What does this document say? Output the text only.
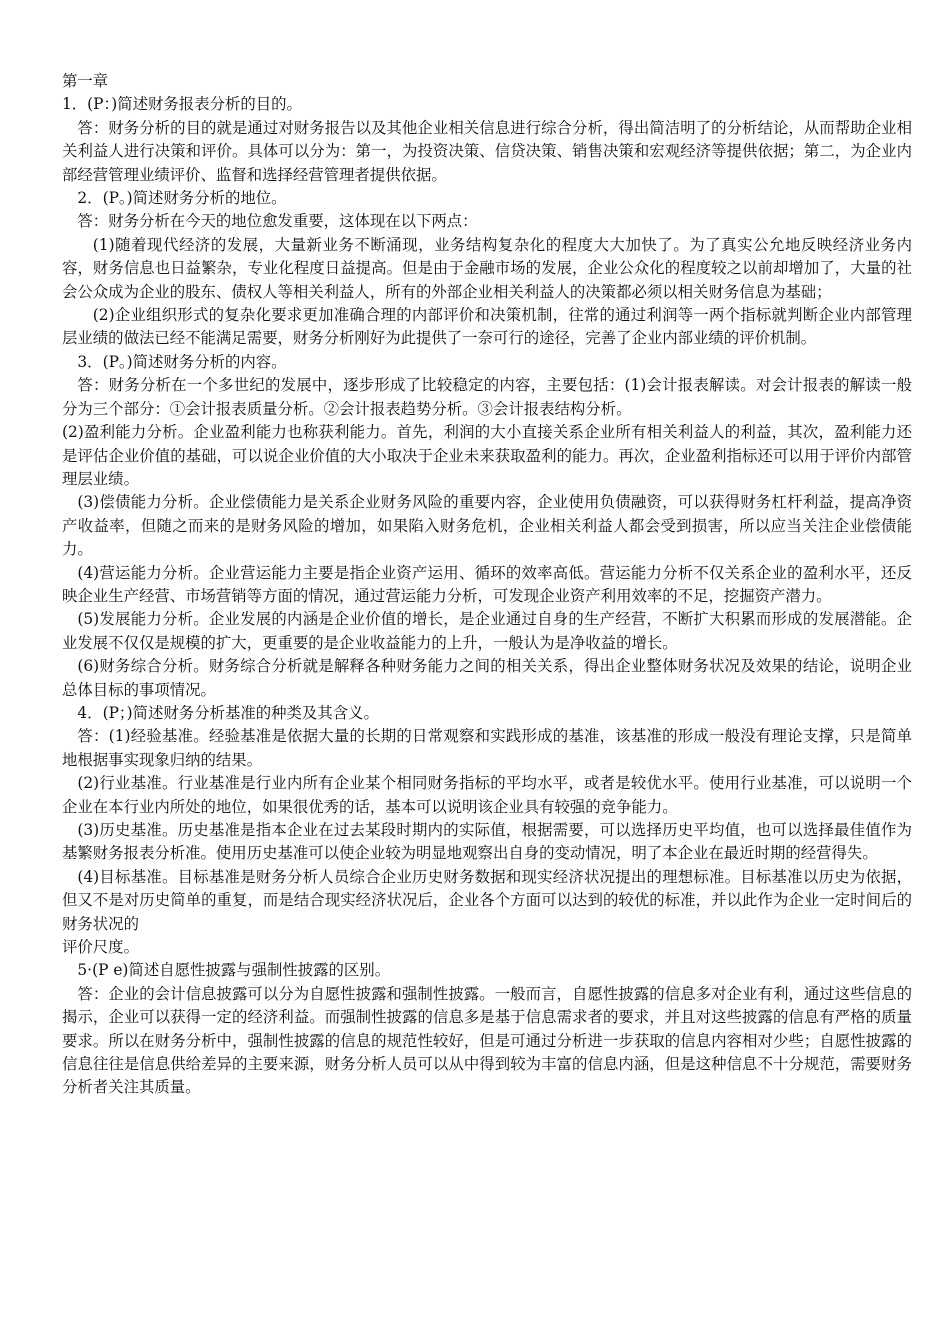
第一章

1．(P：)简述财务报表分析的目的。

答：财务分析的目的就是通过对财务报告以及其他企业相关信息进行综合分析，得出简洁明了的分析结论，从而帮助企业相关利益人进行决策和评价。具体可以分为：第一，为投资决策、信贷决策、销售决策和宏观经济等提供依据；第二，为企业内部经营管理业绩评价、监督和选择经营管理者提供依据。

2．(P。)简述财务分析的地位。

答：财务分析在今天的地位愈发重要，这体现在以下两点：

(1)随着现代经济的发展，大量新业务不断涌现，业务结构复杂化的程度大大加快了。为了真实公允地反映经济业务内容，财务信息也日益繁杂，专业化程度日益提高。但是由于金融市场的发展，企业公众化的程度较之以前却增加了，大量的社会公众成为企业的股东、债权人等相关利益人，所有的外部企业相关利益人的决策都必须以相关财务信息为基础；

(2)企业组织形式的复杂化要求更加准确合理的内部评价和决策机制，往常的通过利润等一两个指标就判断企业内部管理层业绩的做法已经不能满足需要，财务分析刚好为此提供了一奈可行的途径，完善了企业内部业绩的评价机制。

3．(P。)简述财务分析的内容。

答：财务分析在一个多世纪的发展中，逐步形成了比较稳定的内容，主要包括：(1)会计报表解读。对会计报表的解读一般分为三个部分：①会计报表质量分析。②会计报表趋势分析。③会计报表结构分析。

(2)盈利能力分析。企业盈利能力也称获利能力。首先，利润的大小直接关系企业所有相关利益人的利益，其次，盈利能力还是评估企业价值的基础，可以说企业价值的大小取决于企业未来获取盈利的能力。再次，企业盈利指标还可以用于评价内部管理层业绩。

(3)偿债能力分析。企业偿债能力是关系企业财务风险的重要内容，企业使用负债融资，可以获得财务杠杆利益，提高净资产收益率，但随之而来的是财务风险的增加，如果陷入财务危机，企业相关利益人都会受到损害，所以应当关注企业偿债能力。

(4)营运能力分析。企业营运能力主要是指企业资产运用、循环的效率高低。营运能力分析不仅关系企业的盈利水平，还反映企业生产经营、市场营销等方面的情况，通过营运能力分析，可发现企业资产利用效率的不足，挖掘资产潜力。

(5)发展能力分析。企业发展的内涵是企业价值的增长，是企业通过自身的生产经营，不断扩大积累而形成的发展潜能。企业发展不仅仅是规模的扩大，更重要的是企业收益能力的上升，一般认为是净收益的增长。

(6)财务综合分析。财务综合分析就是解释各种财务能力之间的相关关系，得出企业整体财务状况及效果的结论，说明企业总体目标的事项情况。

4．(P；)简述财务分析基准的种类及其含义。

答：(1)经验基准。经验基准是依据大量的长期的日常观察和实践形成的基准，该基准的形成一般没有理论支撑，只是简单地根据事实现象归纳的结果。

(2)行业基准。行业基准是行业内所有企业某个相同财务指标的平均水平，或者是较优水平。使用行业基准，可以说明一个企业在本行业内所处的地位，如果很优秀的话，基本可以说明该企业具有较强的竞争能力。

(3)历史基准。历史基准是指本企业在过去某段时期内的实际值，根据需要，可以选择历史平均值，也可以选择最佳值作为基繁财务报表分析准。使用历史基准可以使企业较为明显地观察出自身的变动情况，明了本企业在最近时期的经营得失。

(4)目标基准。目标基准是财务分析人员综合企业历史财务数据和现实经济状况提出的理想标准。目标基准以历史为依据，但又不是对历史简单的重复，而是结合现实经济状况后，企业各个方面可以达到的较优的标准，并以此作为企业一定时间后的财务状况的

评价尺度。

5·(P e)简述自愿性披露与强制性披露的区别。

答：企业的会计信息披露可以分为自愿性披露和强制性披露。一般而言，自愿性披露的信息多对企业有利，通过这些信息的揭示，企业可以获得一定的经济利益。而强制性披露的信息多是基于信息需求者的要求，并且对这些披露的信息有严格的质量要求。所以在财务分析中，强制性披露的信息的规范性较好，但是可通过分析进一步获取的信息内容相对少些；自愿性披露的信息往往是信息供给差异的主要来源，财务分析人员可以从中得到较为丰富的信息内涵，但是这种信息不十分规范，需要财务分析者关注其质量。
